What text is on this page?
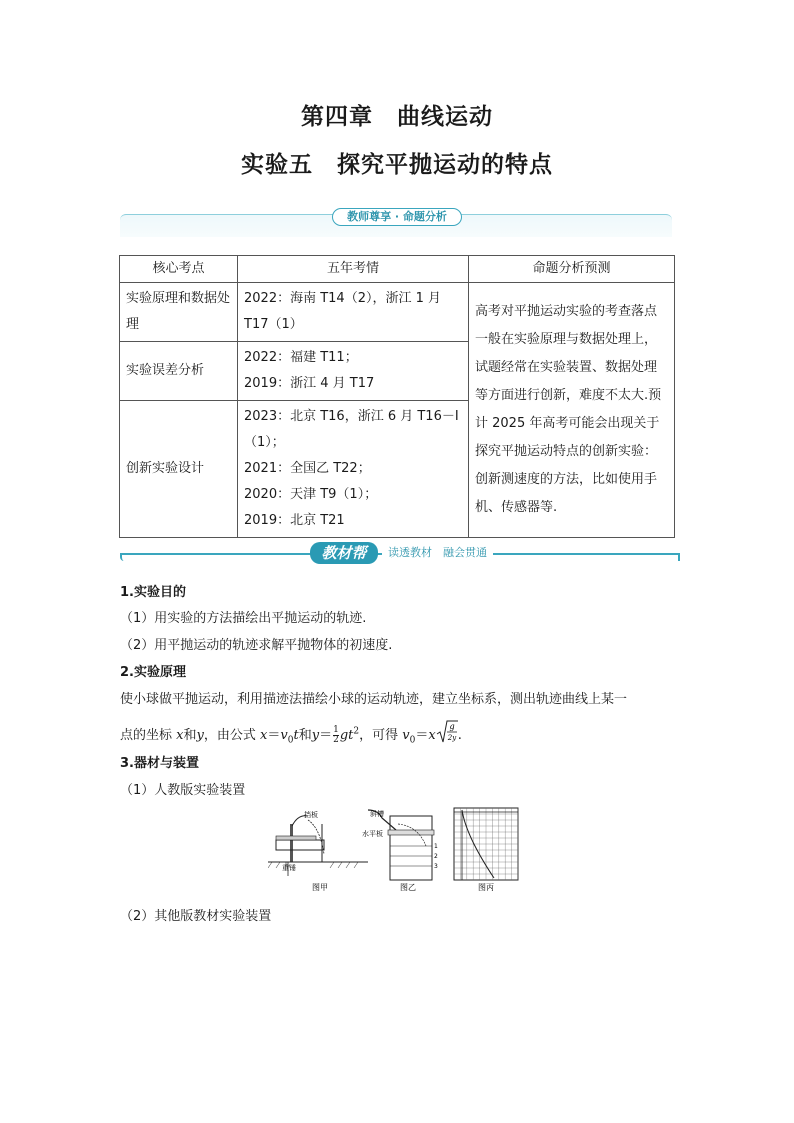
第四章　曲线运动
实验五　探究平抛运动的特点
教师尊享 · 命题分析
核心考点	五年考情	命题分析预测
实验原理和数据处理	2022：海南 T14（2），浙江 1 月 T17（1）	高考对平抛运动实验的考查落点一般在实验原理与数据处理上，试题经常在实验装置、数据处理等方面进行创新，难度不太大.预计 2025 年高考可能会出现关于探究平抛运动特点的创新实验：创新测速度的方法，比如使用手机、传感器等.
实验误差分析	2022：福建 T11；
2019：浙江 4 月 T17	

创新实验设计	2023：北京 T16，浙江 6 月 T16－Ⅰ（1）；
2021：全国乙 T22；
2020：天津 T9（1）；
2019：北京 T21	
教材帮	读透教材　融会贯通
1.实验目的
（1）用实验的方法描绘出平抛运动的轨迹.
（2）用平抛运动的轨迹求解平抛物体的初速度.
2.实验原理
使小球做平抛运动，利用描迹法描绘小球的运动轨迹，建立坐标系，测出轨迹曲线上某一
点的坐标 x和y，由公式 $x=v_0t$和$y= \frac{1}{2} gt^2$，可得 $v_0=x$
g
2y .
3.器材与装置
（1）人教版实验装置
挡板
重锤
图甲
斜槽
水平板
1
2
3
图乙	图丙
（2）其他版教材实验装置
